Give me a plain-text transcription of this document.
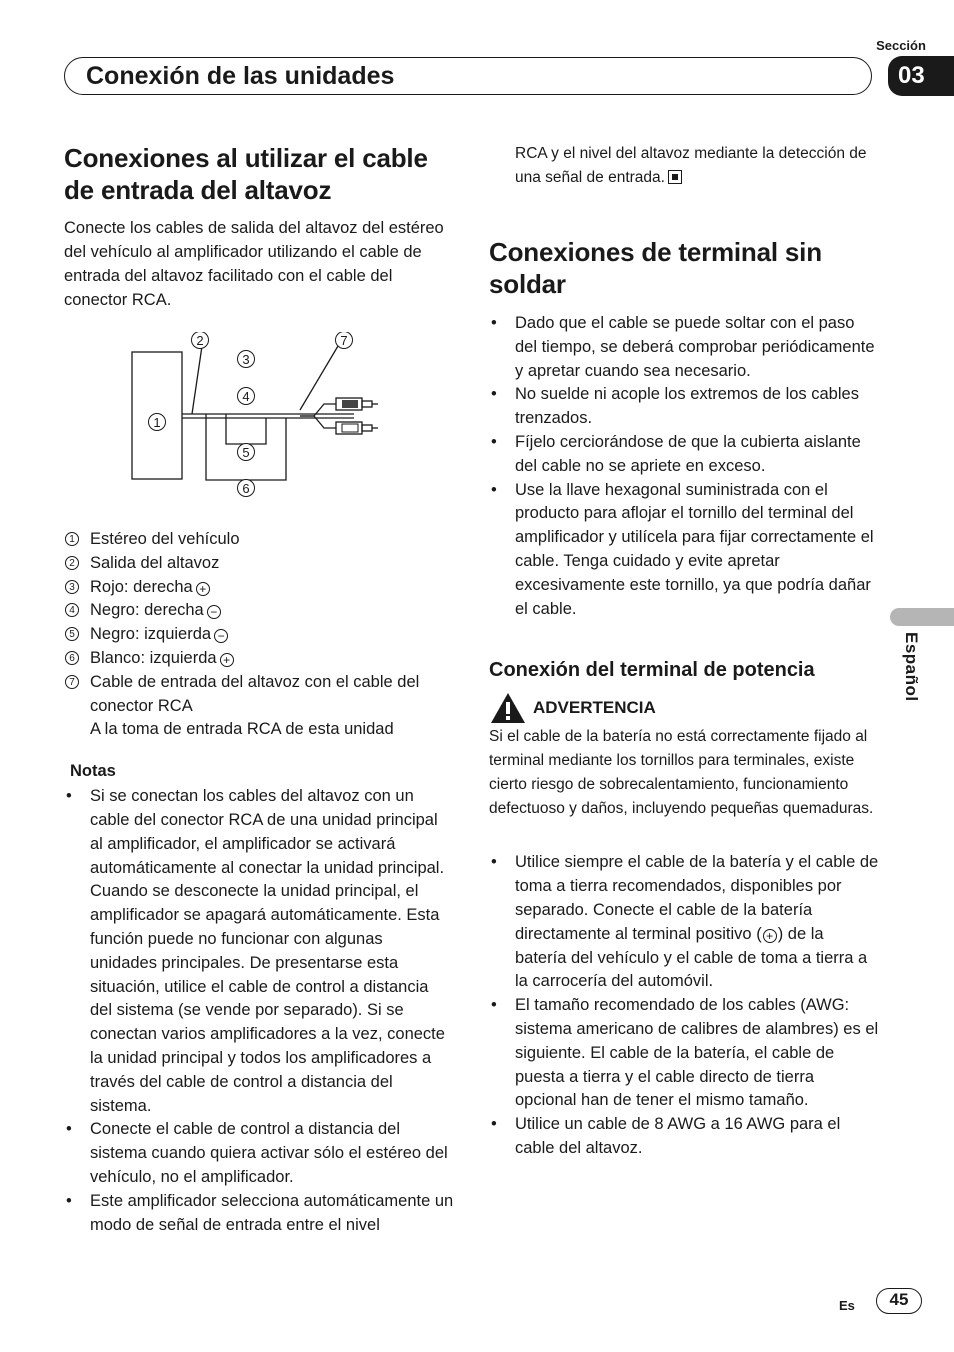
Sección
Conexión de las unidades	03
Español
Conexiones al utilizar el cable de entrada del altavoz

Conecte los cables de salida del altavoz del estéreo del vehículo al amplificador utilizando el cable de entrada del altavoz facilitado con el cable del conector RCA.

1
2
3
4
5
6
7
1 Estéreo del vehículo
2 Salida del altavoz
3 Rojo: derecha +
4 Negro: derecha −
5 Negro: izquierda −
6 Blanco: izquierda +
7 Cable de entrada del altavoz con el cable del conector RCA
A la toma de entrada RCA de esta unidad
Notas
• Si se conectan los cables del altavoz con un cable del conector RCA de una unidad principal al amplificador, el amplificador se activará automáticamente al conectar la unidad principal. Cuando se desconecte la unidad principal, el amplificador se apagará automáticamente. Esta función puede no funcionar con algunas unidades principales. De presentarse esta situación, utilice el cable de control a distancia del sistema (se vende por separado). Si se conectan varios amplificadores a la vez, conecte la unidad principal y todos los amplificadores a través del cable de control a distancia del sistema.
• Conecte el cable de control a distancia del sistema cuando quiera activar sólo el estéreo del vehículo, no el amplificador.
• Este amplificador selecciona automáticamente un modo de señal de entrada entre el nivel

RCA y el nivel del altavoz mediante la detección de una señal de entrada.

Conexiones de terminal sin soldar
• Dado que el cable se puede soltar con el paso del tiempo, se deberá comprobar periódicamente y apretar cuando sea necesario.
• No suelde ni acople los extremos de los cables trenzados.
• Fíjelo cerciorándose de que la cubierta aislante del cable no se apriete en exceso.
• Use la llave hexagonal suministrada con el producto para aflojar el tornillo del terminal del amplificador y utilícela para fijar correctamente el cable. Tenga cuidado y evite apretar excesivamente este tornillo, ya que podría dañar el cable.
Conexión del terminal de potencia
ADVERTENCIA

Si el cable de la batería no está correctamente fijado al terminal mediante los tornillos para terminales, existe cierto riesgo de sobrecalentamiento, funcionamiento defectuoso y daños, incluyendo pequeñas quemaduras.

• Utilice siempre el cable de la batería y el cable de toma a tierra recomendados, disponibles por separado. Conecte el cable de la batería directamente al terminal positivo ( + ) de la batería del vehículo y el cable de toma a tierra a la carrocería del automóvil.
• El tamaño recomendado de los cables (AWG: sistema americano de calibres de alambres) es el siguiente. El cable de la batería, el cable de puesta a tierra y el cable directo de tierra opcional han de tener el mismo tamaño.
• Utilice un cable de 8 AWG a 16 AWG para el cable del altavoz.
Es	45
